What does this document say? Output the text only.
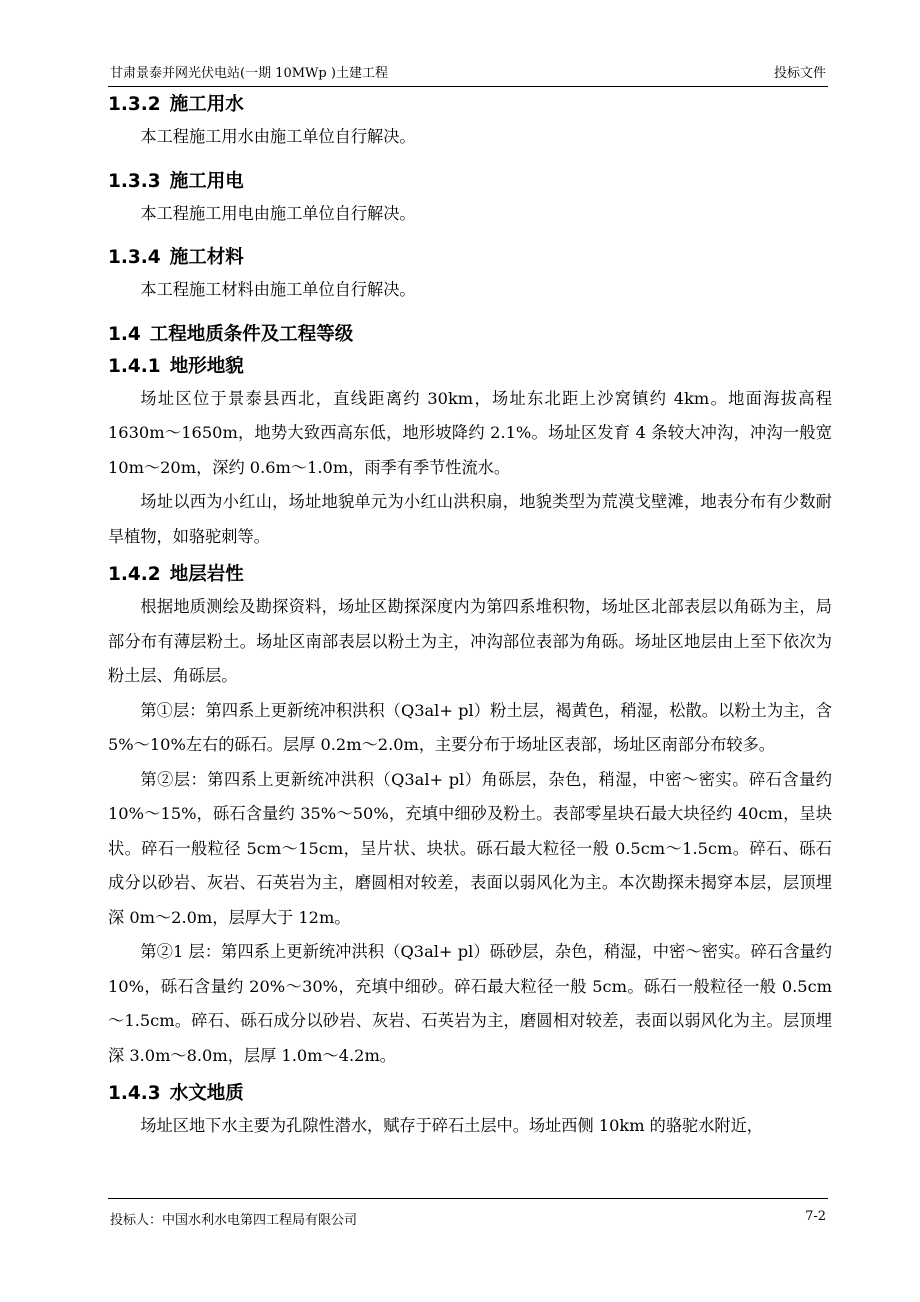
甘肃景泰并网光伏电站(一期 10MWp )土建工程	投标文件
1.3.2 施工用水

本工程施工用水由施工单位自行解决。

1.3.3 施工用电

本工程施工用电由施工单位自行解决。

1.3.4 施工材料

本工程施工材料由施工单位自行解决。

1.4 工程地质条件及工程等级
1.4.1 地形地貌

场址区位于景泰县西北，直线距离约 30km，场址东北距上沙窝镇约 4km。地面海拔高程 1630m～1650m，地势大致西高东低，地形坡降约 2.1%。场址区发育 4 条较大冲沟，冲沟一般宽 10m～20m，深约 0.6m～1.0m，雨季有季节性流水。

场址以西为小红山，场址地貌单元为小红山洪积扇，地貌类型为荒漠戈壁滩，地表分布有少数耐旱植物，如骆驼刺等。

1.4.2 地层岩性

根据地质测绘及勘探资料，场址区勘探深度内为第四系堆积物，场址区北部表层以角砾为主，局部分布有薄层粉土。场址区南部表层以粉土为主，冲沟部位表部为角砾。场址区地层由上至下依次为粉土层、角砾层。

第①层：第四系上更新统冲积洪积（Q3al+ pl）粉土层，褐黄色，稍湿，松散。以粉土为主，含 5%～10%左右的砾石。层厚 0.2m～2.0m，主要分布于场址区表部，场址区南部分布较多。

第②层：第四系上更新统冲洪积（Q3al+ pl）角砾层，杂色，稍湿，中密～密实。碎石含量约 10%～15%，砾石含量约 35%～50%，充填中细砂及粉土。表部零星块石最大块径约 40cm，呈块状。碎石一般粒径 5cm～15cm，呈片状、块状。砾石最大粒径一般 0.5cm～1.5cm。碎石、砾石成分以砂岩、灰岩、石英岩为主，磨圆相对较差，表面以弱风化为主。本次勘探未揭穿本层，层顶埋深 0m～2.0m，层厚大于 12m。

第②1 层：第四系上更新统冲洪积（Q3al+ pl）砾砂层，杂色，稍湿，中密～密实。碎石含量约 10%，砾石含量约 20%～30%，充填中细砂。碎石最大粒径一般 5cm。砾石一般粒径一般 0.5cm～1.5cm。碎石、砾石成分以砂岩、灰岩、石英岩为主，磨圆相对较差，表面以弱风化为主。层顶埋深 3.0m～8.0m，层厚 1.0m～4.2m。

1.4.3 水文地质

场址区地下水主要为孔隙性潜水，赋存于碎石土层中。场址西侧 10km 的骆驼水附近，

投标人：中国水利水电第四工程局有限公司	7-2
